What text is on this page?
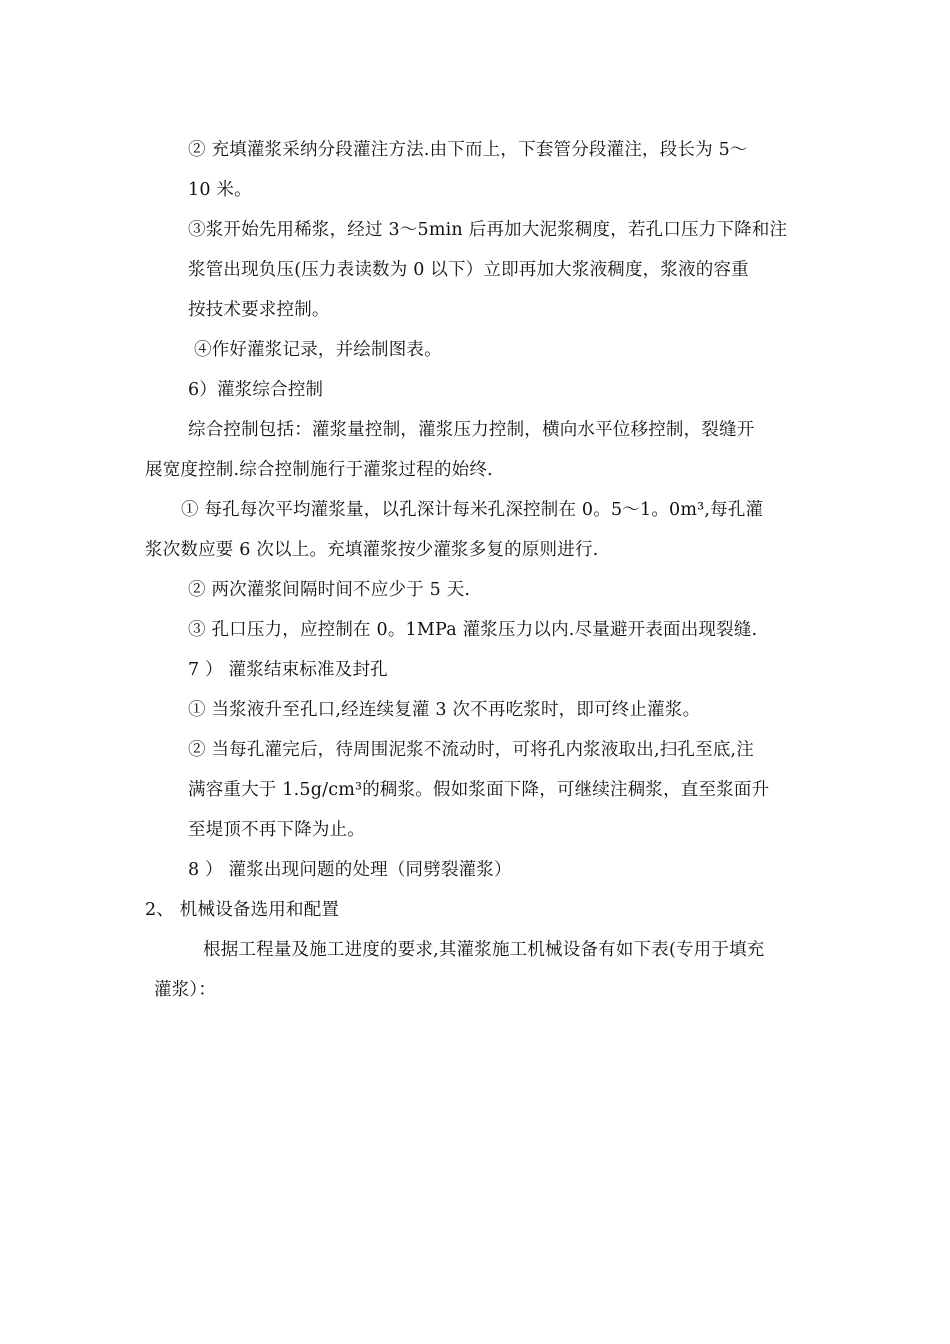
② 充填灌浆采纳分段灌注方法.由下而上，下套管分段灌注，段长为 5～
10 米。
③浆开始先用稀浆，经过 3～5min 后再加大泥浆稠度，若孔口压力下降和注
浆管出现负压(压力表读数为 0 以下）立即再加大浆液稠度，浆液的容重
按技术要求控制。
④作好灌浆记录，并绘制图表。
6）灌浆综合控制
综合控制包括：灌浆量控制，灌浆压力控制，横向水平位移控制，裂缝开
展宽度控制.综合控制施行于灌浆过程的始终.
① 每孔每次平均灌浆量，以孔深计每米孔深控制在 0。5～1。0m³,每孔灌
浆次数应要 6 次以上。充填灌浆按少灌浆多复的原则进行.
② 两次灌浆间隔时间不应少于 5 天.
③ 孔口压力，应控制在 0。1MPa 灌浆压力以内.尽量避开表面出现裂缝.
7 ） 灌浆结束标准及封孔
① 当浆液升至孔口,经连续复灌 3 次不再吃浆时，即可终止灌浆。
② 当每孔灌完后，待周围泥浆不流动时，可将孔内浆液取出,扫孔至底,注
满容重大于 1.5g/cm³的稠浆。假如浆面下降，可继续注稠浆，直至浆面升
至堤顶不再下降为止。
8 ） 灌浆出现问题的处理（同劈裂灌浆）
2、 机械设备选用和配置
根据工程量及施工进度的要求,其灌浆施工机械设备有如下表(专用于填充
灌浆）：
